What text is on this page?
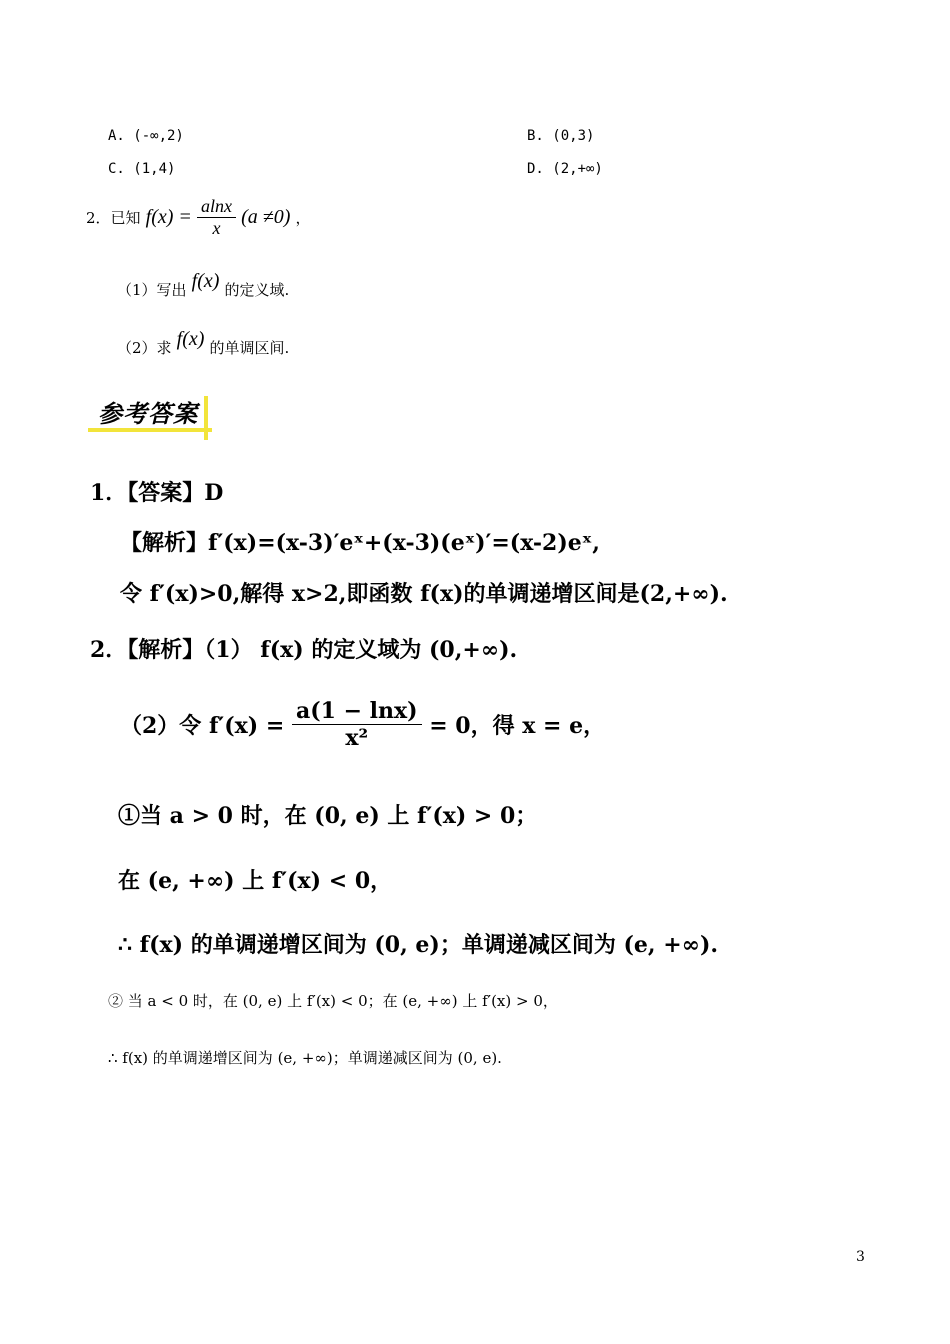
A. (-∞,2)	B. (0,3)
C. (1,4)	D. (2,+∞)
2．已知 $f(x) = \frac{alnx}{x} (a \ne 0)$ ，
（1）写出 f(x) 的定义域.
（2）求 f(x) 的单调区间.
参考答案
1．【答案】D
【解析】f′(x)=(x-3)′eˣ+(x-3)(eˣ)′=(x-2)eˣ,
令 f′(x)>0,解得 x>2,即函数 f(x)的单调递增区间是(2,+∞).
2．【解析】（1） f(x) 的定义域为 (0,+∞).
（2）令 $f'(x) = \frac{a(1 - \ln x)}{\text{x²}} = 0$，得 x = e，
①当 a > 0 时，在 (0, e) 上 f′(x) > 0；
在 (e, +∞) 上 f′(x) < 0，
∴ f(x) 的单调递增区间为 (0, e)；单调递减区间为 (e, +∞).
② 当 a < 0 时，在 (0, e) 上 f′(x) < 0；在 (e, +∞) 上 f′(x) > 0，
∴ f(x) 的单调递增区间为 (e, +∞)；单调递减区间为 (0, e).
3
